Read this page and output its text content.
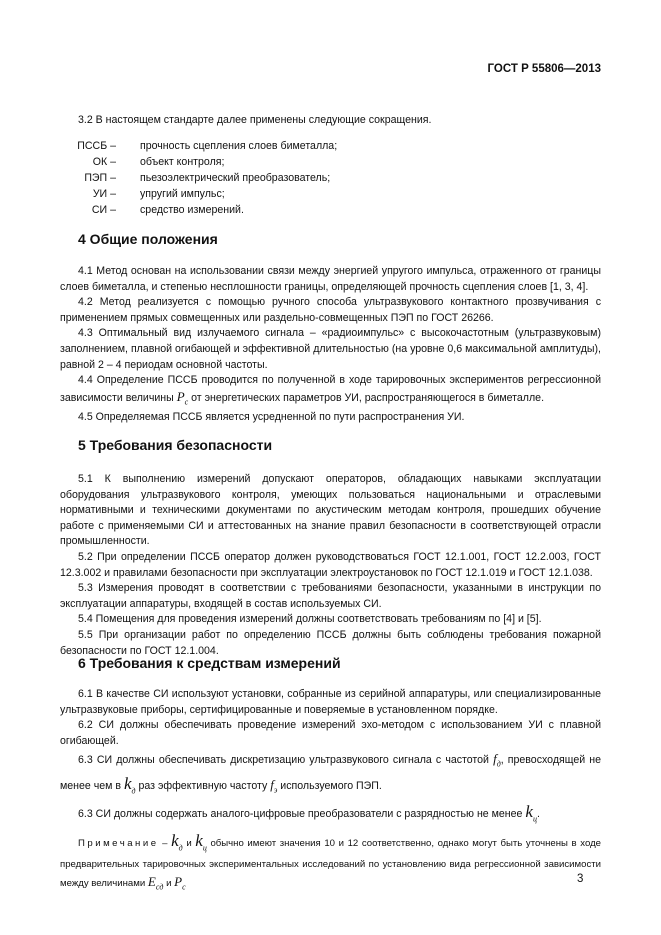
ГОСТ Р 55806—2013

3.2 В настоящем стандарте далее применены следующие сокращения.

ПССБ – прочность сцепления слоев биметалла;
ОК – объект контроля;
ПЭП – пьезоэлектрический преобразователь;
УИ – упругий импульс;
СИ – средство измерений.
4 Общие положения

4.1 Метод основан на использовании связи между энергией упругого импульса, отраженного от границы слоев биметалла, и степенью несплошности границы, определяющей прочность сцепления слоев [1, 3, 4].

4.2 Метод реализуется с помощью ручного способа ультразвукового контактного прозвучивания с применением прямых совмещенных или раздельно-совмещенных ПЭП по ГОСТ 26266.

4.3 Оптимальный вид излучаемого сигнала – «радиоимпульс» с высокочастотным (ультразвуковым) заполнением, плавной огибающей и эффективной длительностью (на уровне 0,6 максимальной амплитуды), равной 2 – 4 периодам основной частоты.

4.4 Определение ПССБ проводится по полученной в ходе тарировочных экспериментов регрессионной зависимости величины $P_c$ от энергетических параметров УИ, распространяющегося в биметалле.

4.5 Определяемая ПССБ является усредненной по пути распространения УИ.

5 Требования безопасности

5.1 К выполнению измерений допускают операторов, обладающих навыками эксплуатации оборудования ультразвукового контроля, умеющих пользоваться национальными и отраслевыми нормативными и техническими документами по акустическим методам контроля, прошедших обучение работе с применяемыми СИ и аттестованных на знание правил безопасности в соответствующей отрасли промышленности.

5.2 При определении ПССБ оператор должен руководствоваться ГОСТ 12.1.001, ГОСТ 12.2.003, ГОСТ 12.3.002 и правилами безопасности при эксплуатации электроустановок по ГОСТ 12.1.019 и ГОСТ 12.1.038.

5.3 Измерения проводят в соответствии с требованиями безопасности, указанными в инструкции по эксплуатации аппаратуры, входящей в состав используемых СИ.

5.4 Помещения для проведения измерений должны соответствовать требованиям по [4] и [5].

5.5 При организации работ по определению ПССБ должны быть соблюдены требования пожарной безопасности по ГОСТ 12.1.004.

6 Требования к средствам измерений

6.1 В качестве СИ используют установки, собранные из серийной аппаратуры, или специализированные ультразвуковые приборы, сертифицированные и поверяемые в установленном порядке.

6.2 СИ должны обеспечивать проведение измерений эхо-методом с использованием УИ с плавной огибающей.

6.3 СИ должны обеспечивать дискретизацию ультразвукового сигнала с частотой $f_д$, превосходящей не менее чем в $k_д$ раз эффективную частоту $f_э$ используемого ПЭП.

6.3 СИ должны содержать аналого-цифровые преобразователи с разрядностью не менее $k_ц$.

Примечание – $k_д$ и $k_ц$ обычно имеют значения 10 и 12 соответственно, однако могут быть уточнены в ходе предварительных тарировочных экспериментальных исследований по установлению вида регрессионной зависимости между величинами $E_{сд}$ и $P_c$

3
